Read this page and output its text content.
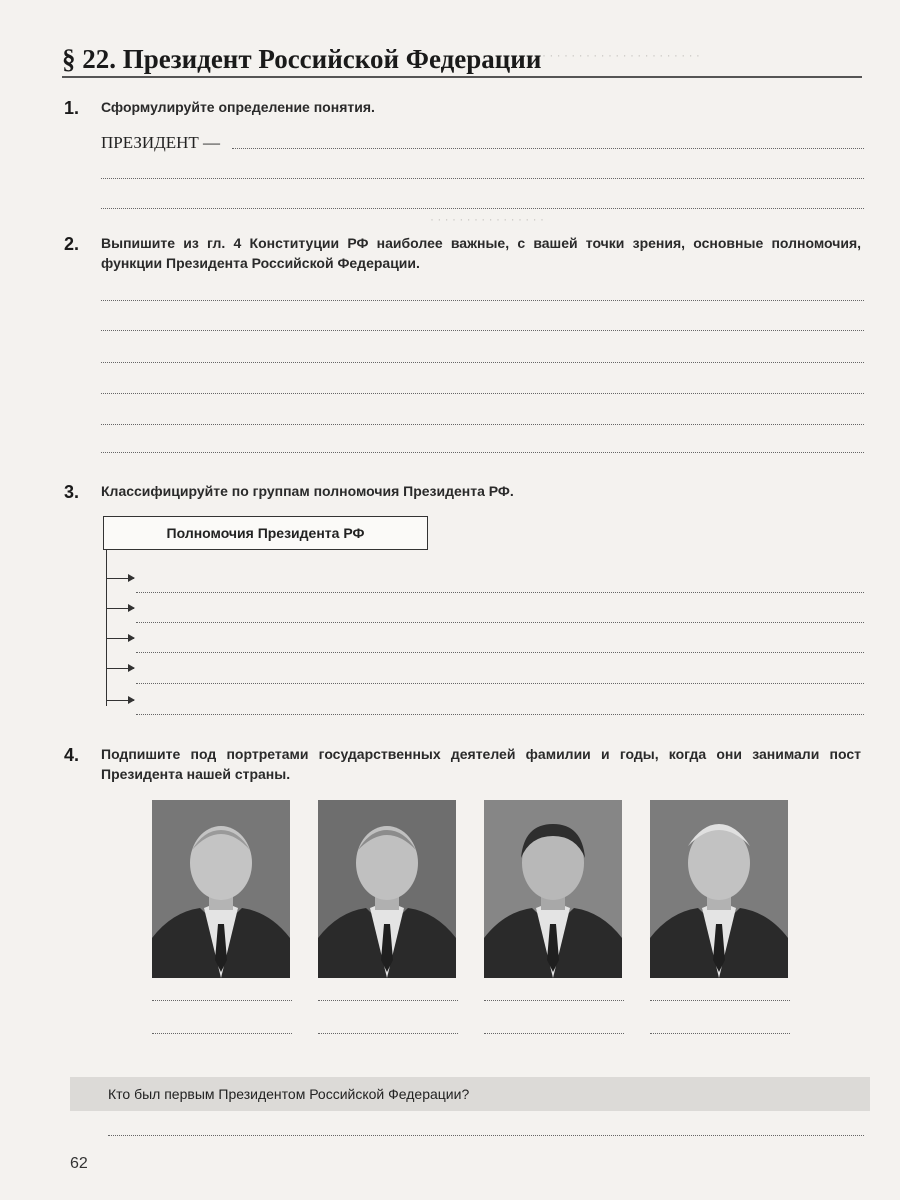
· · · · · · · · · · · · · · · · · · · · · · · · ·
· · · · · · · · · · · · · · · ·
§ 22. Президент Российской Федерации
1. Сформулируйте определение понятия.
ПРЕЗИДЕНТ —
2. Выпишите из гл. 4 Конституции РФ наиболее важные, с вашей точки зрения, основные полномочия, функции Президента Российской Федерации.
3. Классифицируйте по группам полномочия Президента РФ.
Полномочия Президента РФ
4. Подпишите под портретами государственных деятелей фамилии и годы, когда они занимали пост Президента нашей страны.
Кто был первым Президентом Российской Федерации?
62
